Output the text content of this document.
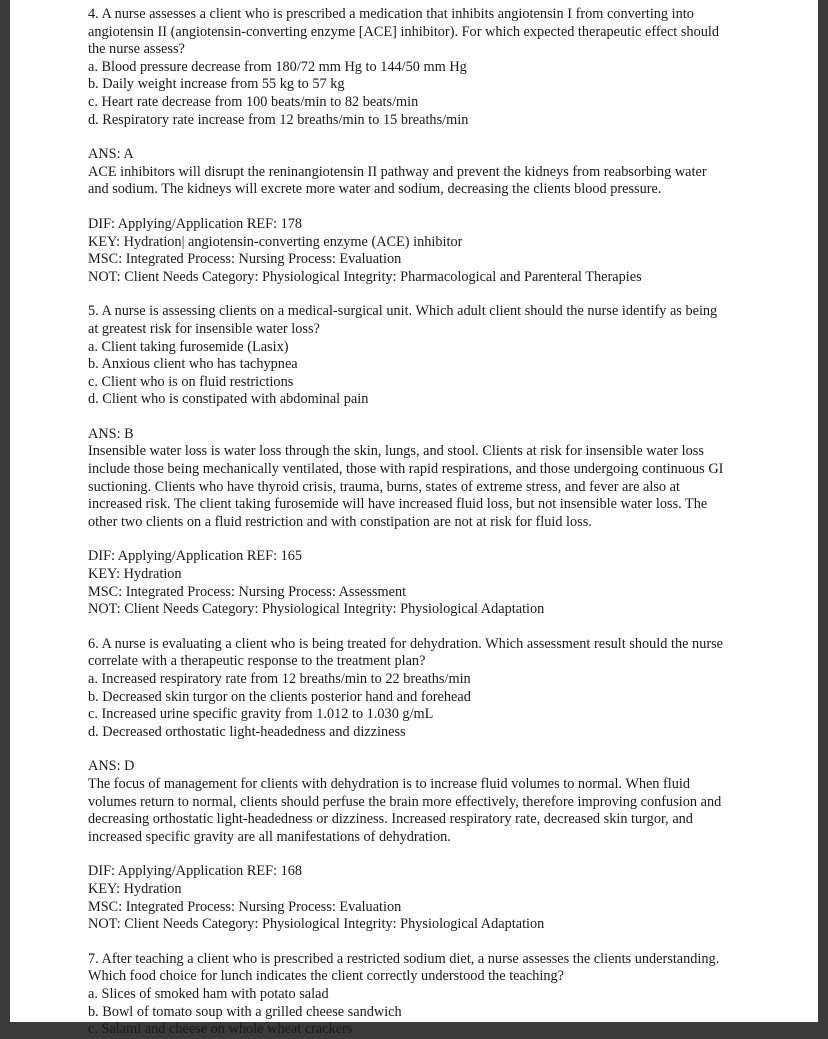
4. A nurse assesses a client who is prescribed a medication that inhibits angiotensin I from converting into

angiotensin II (angiotensin-converting enzyme [ACE] inhibitor). For which expected therapeutic effect should

the nurse assess?

a. Blood pressure decrease from 180/72 mm Hg to 144/50 mm Hg

b. Daily weight increase from 55 kg to 57 kg

c. Heart rate decrease from 100 beats/min to 82 beats/min

d. Respiratory rate increase from 12 breaths/min to 15 breaths/min

ANS: A

ACE inhibitors will disrupt the reninangiotensin II pathway and prevent the kidneys from reabsorbing water

and sodium. The kidneys will excrete more water and sodium, decreasing the clients blood pressure.

DIF: Applying/Application REF: 178

KEY: Hydration| angiotensin-converting enzyme (ACE) inhibitor

MSC: Integrated Process: Nursing Process: Evaluation

NOT: Client Needs Category: Physiological Integrity: Pharmacological and Parenteral Therapies

5. A nurse is assessing clients on a medical-surgical unit. Which adult client should the nurse identify as being

at greatest risk for insensible water loss?

a. Client taking furosemide (Lasix)

b. Anxious client who has tachypnea

c. Client who is on fluid restrictions

d. Client who is constipated with abdominal pain

ANS: B

Insensible water loss is water loss through the skin, lungs, and stool. Clients at risk for insensible water loss

include those being mechanically ventilated, those with rapid respirations, and those undergoing continuous GI

suctioning. Clients who have thyroid crisis, trauma, burns, states of extreme stress, and fever are also at

increased risk. The client taking furosemide will have increased fluid loss, but not insensible water loss. The

other two clients on a fluid restriction and with constipation are not at risk for fluid loss.

DIF: Applying/Application REF: 165

KEY: Hydration

MSC: Integrated Process: Nursing Process: Assessment

NOT: Client Needs Category: Physiological Integrity: Physiological Adaptation

6. A nurse is evaluating a client who is being treated for dehydration. Which assessment result should the nurse

correlate with a therapeutic response to the treatment plan?

a. Increased respiratory rate from 12 breaths/min to 22 breaths/min

b. Decreased skin turgor on the clients posterior hand and forehead

c. Increased urine specific gravity from 1.012 to 1.030 g/mL

d. Decreased orthostatic light-headedness and dizziness

ANS: D

The focus of management for clients with dehydration is to increase fluid volumes to normal. When fluid

volumes return to normal, clients should perfuse the brain more effectively, therefore improving confusion and

decreasing orthostatic light-headedness or dizziness. Increased respiratory rate, decreased skin turgor, and

increased specific gravity are all manifestations of dehydration.

DIF: Applying/Application REF: 168

KEY: Hydration

MSC: Integrated Process: Nursing Process: Evaluation

NOT: Client Needs Category: Physiological Integrity: Physiological Adaptation

7. After teaching a client who is prescribed a restricted sodium diet, a nurse assesses the clients understanding.

Which food choice for lunch indicates the client correctly understood the teaching?

a. Slices of smoked ham with potato salad

b. Bowl of tomato soup with a grilled cheese sandwich

c. Salami and cheese on whole wheat crackers
